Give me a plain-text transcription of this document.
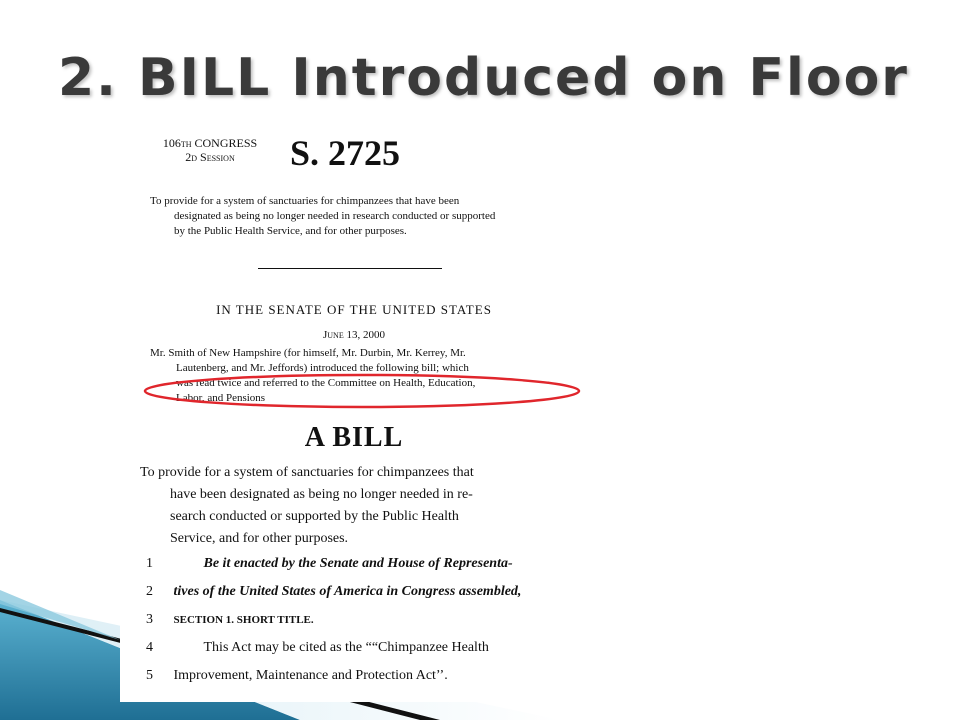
2. BILL Introduced on Floor
106th CONGRESS
2d Session	S. 2725
To provide for a system of sanctuaries for chimpanzees that have been
designated as being no longer needed in research conducted or supported
by the Public Health Service, and for other purposes.
IN THE SENATE OF THE UNITED STATES
June 13, 2000
Mr. Smith of New Hampshire (for himself, Mr. Durbin, Mr. Kerrey, Mr.
Lautenberg, and Mr. Jeffords) introduced the following bill; which
was read twice and referred to the Committee on Health, Education,
Labor, and Pensions
A BILL
To provide for a system of sanctuaries for chimpanzees that
have been designated as being no longer needed in re-
search conducted or supported by the Public Health
Service, and for other purposes.
1	Be it enacted by the Senate and House of Representa-
2 tives of the United States of America in Congress assembled,
3 SECTION 1. SHORT TITLE.
4	This Act may be cited as the ““Chimpanzee Health
5 Improvement, Maintenance and Protection Act’’.
